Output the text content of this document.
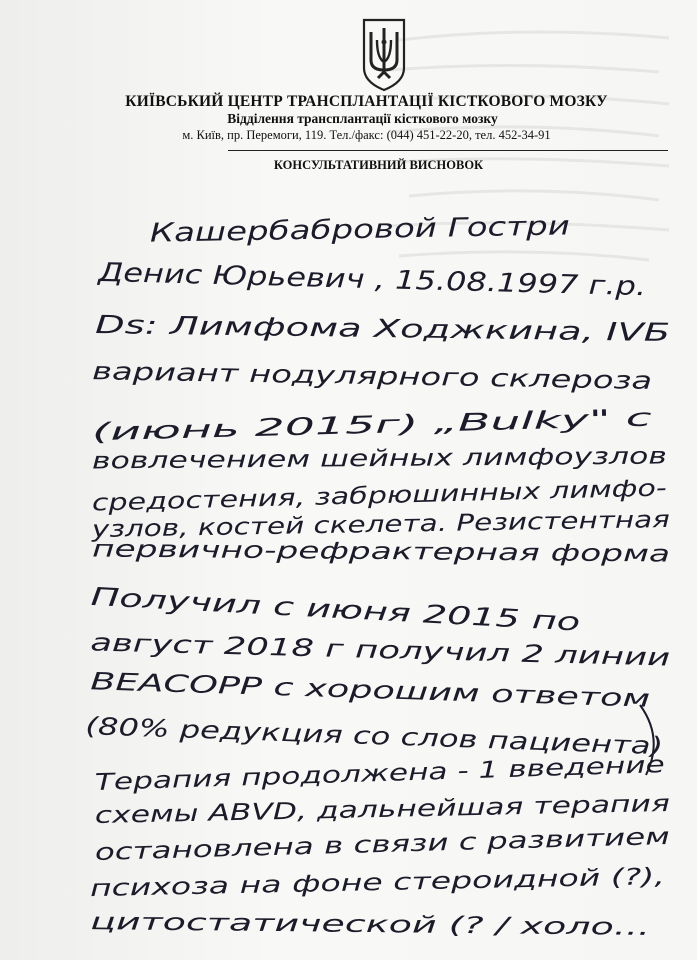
КИЇВСЬКИЙ ЦЕНТР ТРАНСПЛАНТАЦІЇ КІСТКОВОГО МОЗКУ
Відділення трансплантації кісткового мозку
м. Київ, пр. Перемоги, 119. Тел./факс: (044) 451-22-20, тел. 452-34-91
КОНСУЛЬТАТИВНИЙ ВИСНОВОК
Кашербабровой Гостри
Денис Юрьевич , 15.08.1997 г.р.
Ds: Лимфома Ходжкина, IVБ
вариант нодулярного склероза
(июнь 2015г) „Bulky" с
вовлечением шейных лимфоузлов
средостения, забрюшинных лимфо-
узлов, костей скелета. Резистентная
первично-рефрактерная форма
Получил с июня 2015 по
август 2018 г получил 2 линии
BEACOPP с хорошим ответом
(80% редукция со слов пациента)
Терапия продолжена - 1 введение
схемы ABVD, дальнейшая терапия
остановлена в связи с развитием
психоза на фоне стероидной (?),
цитостатической (? / холо...
